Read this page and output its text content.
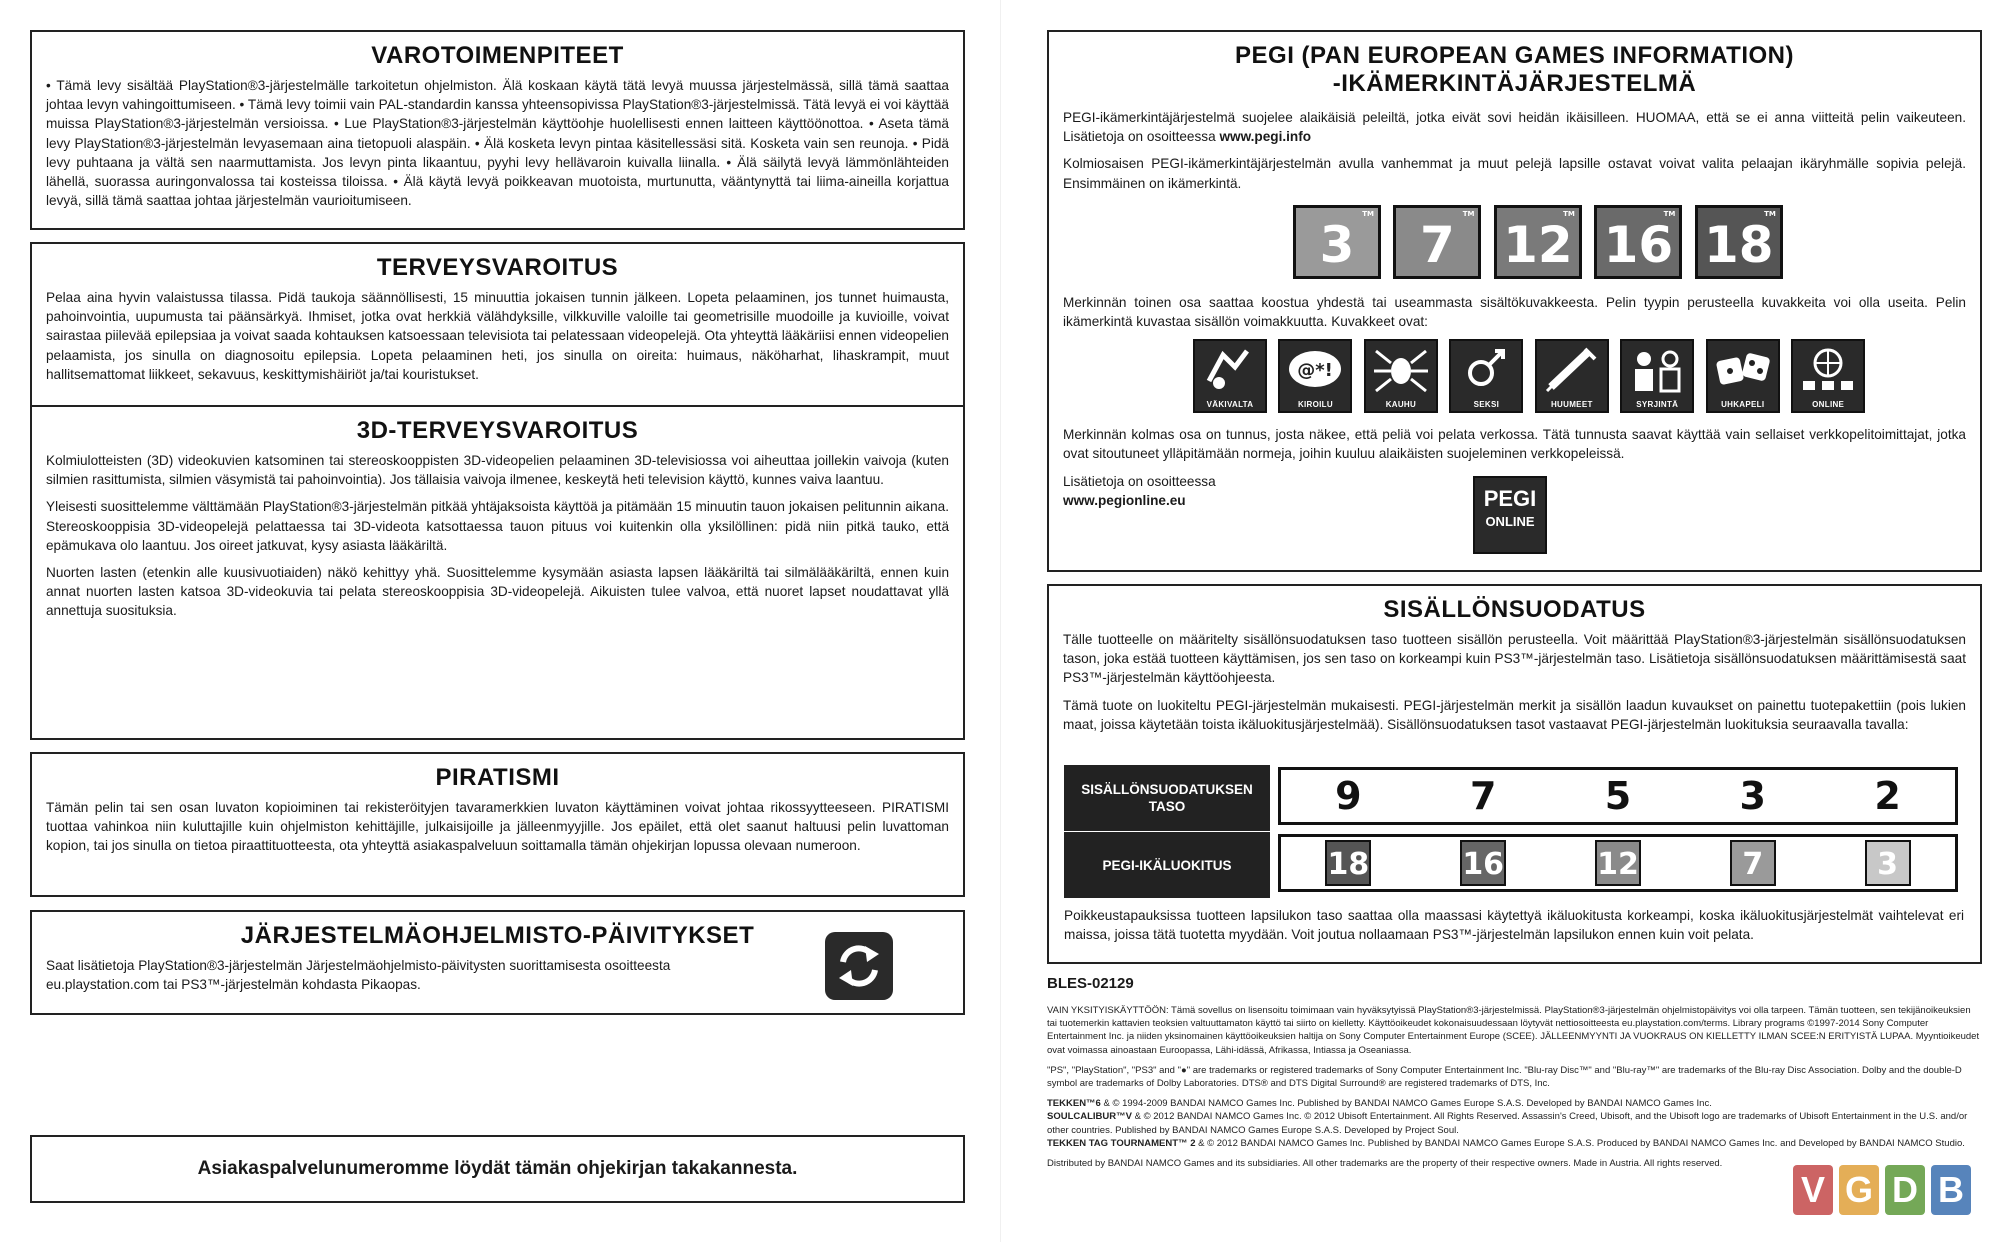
VAROTOIMENPITEET

• Tämä levy sisältää PlayStation®3-järjestelmälle tarkoitetun ohjelmiston. Älä koskaan käytä tätä levyä muussa järjestelmässä, sillä tämä saattaa johtaa levyn vahingoittumiseen. • Tämä levy toimii vain PAL-standardin kanssa yhteensopivissa PlayStation®3-järjestelmissä. Tätä levyä ei voi käyttää muissa PlayStation®3-järjestelmän versioissa. • Lue PlayStation®3-järjestelmän käyttöohje huolellisesti ennen laitteen käyttöönottoa. • Aseta tämä levy PlayStation®3-järjestelmän levyasemaan aina tietopuoli alaspäin. • Älä kosketa levyn pintaa käsitellessäsi sitä. Kosketa vain sen reunoja. • Pidä levy puhtaana ja vältä sen naarmuttamista. Jos levyn pinta likaantuu, pyyhi levy hellävaroin kuivalla liinalla. • Älä säilytä levyä lämmönlähteiden lähellä, suorassa auringonvalossa tai kosteissa tiloissa. • Älä käytä levyä poikkeavan muotoista, murtunutta, vääntynyttä tai liima-aineilla korjattua levyä, sillä tämä saattaa johtaa järjestelmän vaurioitumiseen.

TERVEYSVAROITUS

Pelaa aina hyvin valaistussa tilassa. Pidä taukoja säännöllisesti, 15 minuuttia jokaisen tunnin jälkeen. Lopeta pelaaminen, jos tunnet huimausta, pahoinvointia, uupumusta tai päänsärkyä. Ihmiset, jotka ovat herkkiä välähdyksille, vilkkuville valoille tai geometrisille muodoille ja kuvioille, voivat sairastaa piilevää epilepsiaa ja voivat saada kohtauksen katsoessaan televisiota tai pelatessaan videopelejä. Ota yhteyttä lääkäriisi ennen videopelien pelaamista, jos sinulla on diagnosoitu epilepsia. Lopeta pelaaminen heti, jos sinulla on oireita: huimaus, näköharhat, lihaskrampit, muut hallitsemattomat liikkeet, sekavuus, keskittymishäiriöt ja/tai kouristukset.

3D-TERVEYSVAROITUS

Kolmiulotteisten (3D) videokuvien katsominen tai stereoskooppisten 3D-videopelien pelaaminen 3D-televisiossa voi aiheuttaa joillekin vaivoja (kuten silmien rasittumista, silmien väsymistä tai pahoinvointia). Jos tällaisia vaivoja ilmenee, keskeytä heti television käyttö, kunnes vaiva laantuu.

Yleisesti suosittelemme välttämään PlayStation®3-järjestelmän pitkää yhtäjaksoista käyttöä ja pitämään 15 minuutin tauon jokaisen pelitunnin aikana. Stereoskooppisia 3D-videopelejä pelattaessa tai 3D-videota katsottaessa tauon pituus voi kuitenkin olla yksilöllinen: pidä niin pitkä tauko, että epämukava olo laantuu. Jos oireet jatkuvat, kysy asiasta lääkäriltä.

Nuorten lasten (etenkin alle kuusivuotiaiden) näkö kehittyy yhä. Suosittelemme kysymään asiasta lapsen lääkäriltä tai silmälääkäriltä, ennen kuin annat nuorten lasten katsoa 3D-videokuvia tai pelata stereoskooppisia 3D-videopelejä. Aikuisten tulee valvoa, että nuoret lapset noudattavat yllä annettuja suosituksia.

PIRATISMI

Tämän pelin tai sen osan luvaton kopioiminen tai rekisteröityjen tavaramerkkien luvaton käyttäminen voivat johtaa rikossyytteeseen. PIRATISMI tuottaa vahinkoa niin kuluttajille kuin ohjelmiston kehittäjille, julkaisijoille ja jälleenmyyjille. Jos epäilet, että olet saanut haltuusi pelin luvattoman kopion, tai jos sinulla on tietoa piraattituotteesta, ota yhteyttä asiakaspalveluun soittamalla tämän ohjekirjan lopussa olevaan numeroon.

JÄRJESTELMÄOHJELMISTO-PÄIVITYKSET

Saat lisätietoja PlayStation®3-järjestelmän Järjestelmäohjelmisto-päivitysten suorittamisesta osoitteesta eu.playstation.com tai PS3™-järjestelmän kohdasta Pikaopas.

Asiakaspalvelunumeromme löydät tämän ohjekirjan takakannesta.
PEGI (PAN EUROPEAN GAMES INFORMATION)
-IKÄMERKINTÄJÄRJESTELMÄ

PEGI-ikämerkintäjärjestelmä suojelee alaikäisiä peleiltä, jotka eivät sovi heidän ikäisilleen. HUOMAA, että se ei anna viitteitä pelin vaikeuteen. Lisätietoja on osoitteessa www.pegi.info

Kolmiosaisen PEGI-ikämerkintäjärjestelmän avulla vanhemmat ja muut pelejä lapsille ostavat voivat valita pelaajan ikäryhmälle sopivia pelejä. Ensimmäinen on ikämerkintä.

3
TM
7
TM
12
TM
16
TM
18
TM

Merkinnän toinen osa saattaa koostua yhdestä tai useammasta sisältökuvakkeesta. Pelin tyypin perusteella kuvakkeita voi olla useita. Pelin ikämerkintä kuvastaa sisällön voimakkuutta. Kuvakkeet ovat:

VÄKIVALTA

@*!
KIROILU
	KAUHU
	SEKSI
	HUUMEET
	SYRJINTÄ
	UHKAPELI
	ONLINE

Merkinnän kolmas osa on tunnus, josta näkee, että peliä voi pelata verkossa. Tätä tunnusta saavat käyttää vain sellaiset verkkopelitoimittajat, jotka ovat sitoutuneet ylläpitämään normeja, joihin kuuluu alaikäisten suojeleminen verkkopeleissä.

Lisätietoja on osoitteessa

www.pegionline.eu	PEGI
ONLINE
SISÄLLÖNSUODATUS

Tälle tuotteelle on määritelty sisällönsuodatuksen taso tuotteen sisällön perusteella. Voit määrittää PlayStation®3-järjestelmän sisällönsuodatuksen tason, joka estää tuotteen käyttämisen, jos sen taso on korkeampi kuin PS3™-järjestelmän taso. Lisätietoja sisällönsuodatuksen määrittämisestä saat PS3™-järjestelmän käyttöohjeesta.

Tämä tuote on luokiteltu PEGI-järjestelmän mukaisesti. PEGI-järjestelmän merkit ja sisällön laadun kuvaukset on painettu tuotepakettiin (pois lukien maat, joissa käytetään toista ikäluokitusjärjestelmää). Sisällönsuodatuksen tasot vastaavat PEGI-järjestelmän luokituksia seuraavalla tavalla:

SISÄLLÖNSUODATUKSEN
TASO	9	7	5	3	2
PEGI-IKÄLUOKITUS	18	16	12	7	3

Poikkeustapauksissa tuotteen lapsilukon taso saattaa olla maassasi käytettyä ikäluokitusta korkeampi, koska ikäluokitusjärjestelmät vaihtelevat eri maissa, joissa tätä tuotetta myydään. Voit joutua nollaamaan PS3™-järjestelmän lapsilukon ennen kuin voit pelata.

BLES-02129

VAIN YKSITYISKÄYTTÖÖN: Tämä sovellus on lisensoitu toimimaan vain hyväksytyissä PlayStation®3-järjestelmissä. PlayStation®3-järjestelmän ohjelmistopäivitys voi olla tarpeen. Tämän tuotteen, sen tekijänoikeuksien tai tuotemerkin kattavien teoksien valtuuttamaton käyttö tai siirto on kielletty. Käyttöoikeudet kokonaisuudessaan löytyvät nettiosoitteesta eu.playstation.com/terms. Library programs ©1997-2014 Sony Computer Entertainment Inc. ja niiden yksinomainen käyttöoikeuksien haltija on Sony Computer Entertainment Europe (SCEE). JÄLLEENMYYNTI JA VUOKRAUS ON KIELLETTY ILMAN SCEE:N ERITYISTÄ LUPAA. Myyntioikeudet ovat voimassa ainoastaan Euroopassa, Lähi-idässä, Afrikassa, Intiassa ja Oseaniassa.

"PS", "PlayStation", "PS3" and "●" are trademarks or registered trademarks of Sony Computer Entertainment Inc. "Blu-ray Disc™" and "Blu-ray™" are trademarks of the Blu-ray Disc Association. Dolby and the double-D symbol are trademarks of Dolby Laboratories. DTS® and DTS Digital Surround® are registered trademarks of DTS, Inc.

TEKKEN™6 & © 1994-2009 BANDAI NAMCO Games Inc. Published by BANDAI NAMCO Games Europe S.A.S. Developed by BANDAI NAMCO Games Inc.

SOULCALIBUR™V & © 2012 BANDAI NAMCO Games Inc. © 2012 Ubisoft Entertainment. All Rights Reserved. Assassin's Creed, Ubisoft, and the Ubisoft logo are trademarks of Ubisoft Entertainment in the U.S. and/or other countries. Published by BANDAI NAMCO Games Europe S.A.S. Developed by Project Soul.

TEKKEN TAG TOURNAMENT™ 2 & © 2012 BANDAI NAMCO Games Inc. Published by BANDAI NAMCO Games Europe S.A.S. Produced by BANDAI NAMCO Games Inc. and Developed by BANDAI NAMCO Studio.

Distributed by BANDAI NAMCO Games and its subsidiaries. All other trademarks are the property of their respective owners. Made in Austria. All rights reserved.

V G D B
